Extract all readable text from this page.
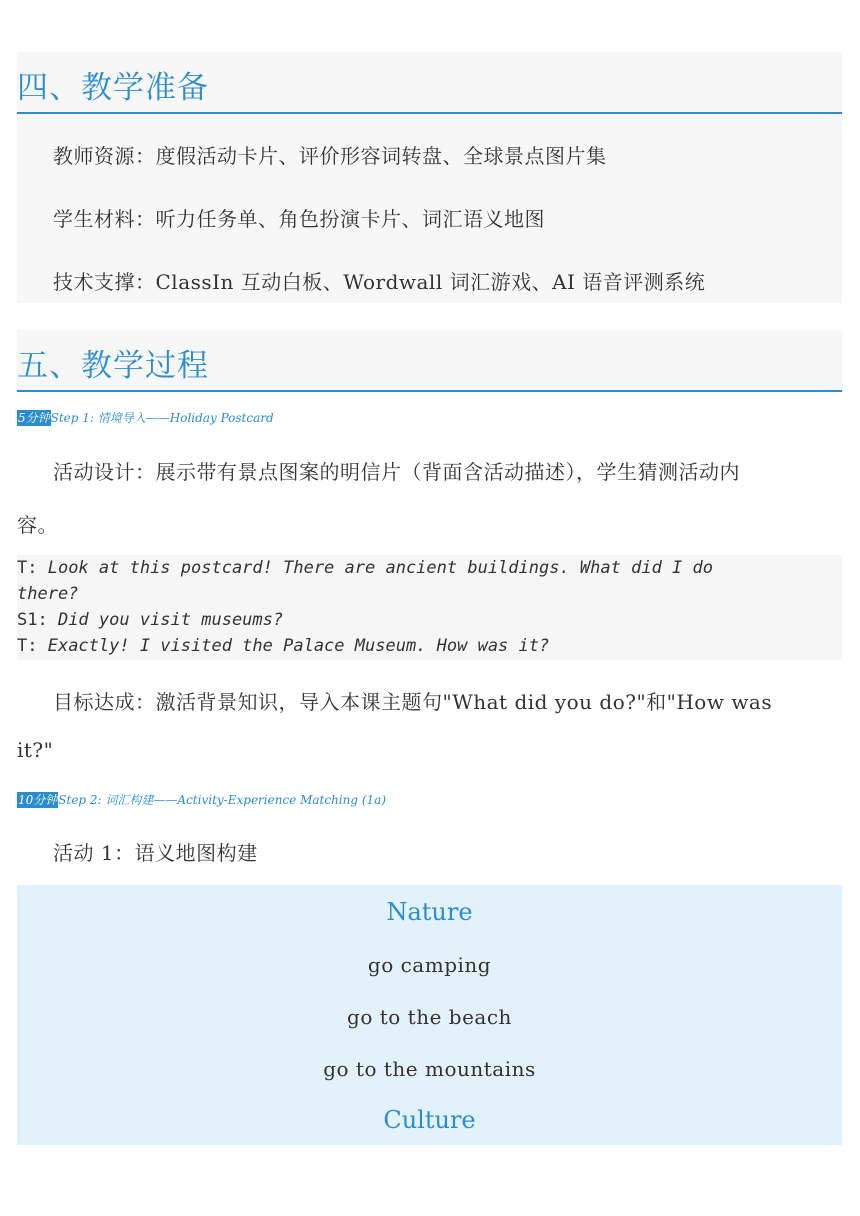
四、教学准备
教师资源：度假活动卡片、评价形容词转盘、全球景点图片集
学生材料：听力任务单、角色扮演卡片、词汇语义地图
技术支撑：ClassIn 互动白板、Wordwall 词汇游戏、AI 语音评测系统
五、教学过程
5分钟Step 1: 情境导入——Holiday Postcard
活动设计：展示带有景点图案的明信片（背面含活动描述），学生猜测活动内
容。
T: Look at this postcard! There are ancient buildings. What did I do
there?
S1: Did you visit museums?
T: Exactly! I visited the Palace Museum. How was it?
目标达成：激活背景知识，导入本课主题句"What did you do?"和"How was
it?"
10分钟Step 2: 词汇构建——Activity-Experience Matching (1a)
活动 1：语义地图构建
Nature
go camping
go to the beach
go to the mountains
Culture
